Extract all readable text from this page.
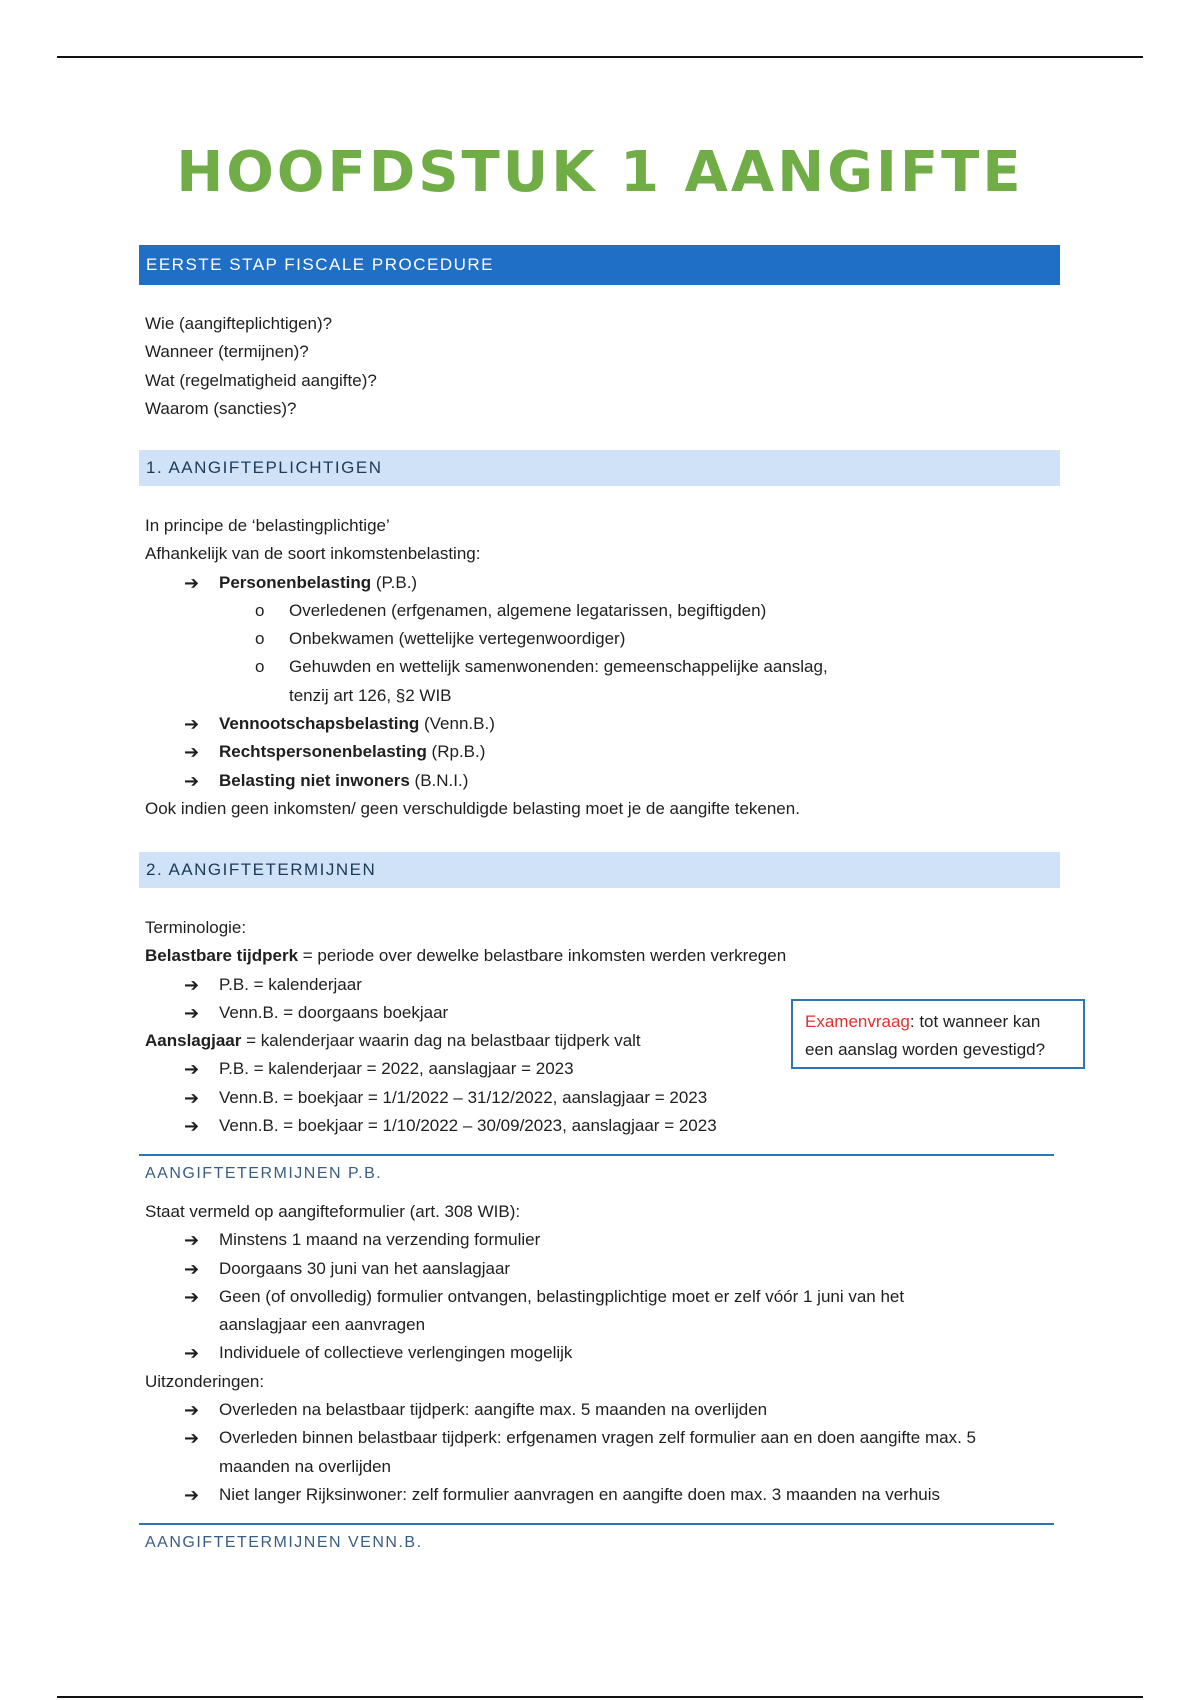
HOOFDSTUK 1 AANGIFTE
EERSTE STAP FISCALE PROCEDURE
Wie (aangifteplichtigen)?
Wanneer (termijnen)?
Wat (regelmatigheid aangifte)?
Waarom (sancties)?
1. AANGIFTEPLICHTIGEN
In principe de ‘belastingplichtige’
Afhankelijk van de soort inkomstenbelasting:
➔	Personenbelasting (P.B.)
o Overledenen (erfgenamen, algemene legatarissen, begiftigden)
o Onbekwamen (wettelijke vertegenwoordiger)
o Gehuwden en wettelijk samenwonenden: gemeenschappelijke aanslag,
tenzij art 126, §2 WIB
➔	Vennootschapsbelasting (Venn.B.)
➔	Rechtspersonenbelasting (Rp.B.)
➔	Belasting niet inwoners (B.N.I.)
Ook indien geen inkomsten/ geen verschuldigde belasting moet je de aangifte tekenen.
2. AANGIFTETERMIJNEN
Terminologie:
Belastbare tijdperk = periode over dewelke belastbare inkomsten werden verkregen
➔	P.B. = kalenderjaar
➔	Venn.B. = doorgaans boekjaar
Aanslagjaar = kalenderjaar waarin dag na belastbaar tijdperk valt
➔	P.B. = kalenderjaar = 2022, aanslagjaar = 2023
➔	Venn.B. = boekjaar = 1/1/2022 – 31/12/2022, aanslagjaar = 2023
➔	Venn.B. = boekjaar = 1/10/2022 – 30/09/2023, aanslagjaar = 2023
Examenvraag: tot wanneer kan
een aanslag worden gevestigd?
AANGIFTETERMIJNEN P.B.
Staat vermeld op aangifteformulier (art. 308 WIB):
➔	Minstens 1 maand na verzending formulier
➔	Doorgaans 30 juni van het aanslagjaar
➔	Geen (of onvolledig) formulier ontvangen, belastingplichtige moet er zelf vóór 1 juni van het
aanslagjaar een aanvragen
➔	Individuele of collectieve verlengingen mogelijk
Uitzonderingen:
➔	Overleden na belastbaar tijdperk: aangifte max. 5 maanden na overlijden
➔	Overleden binnen belastbaar tijdperk: erfgenamen vragen zelf formulier aan en doen aangifte max. 5
maanden na overlijden
➔	Niet langer Rijksinwoner: zelf formulier aanvragen en aangifte doen max. 3 maanden na verhuis
AANGIFTETERMIJNEN VENN.B.
